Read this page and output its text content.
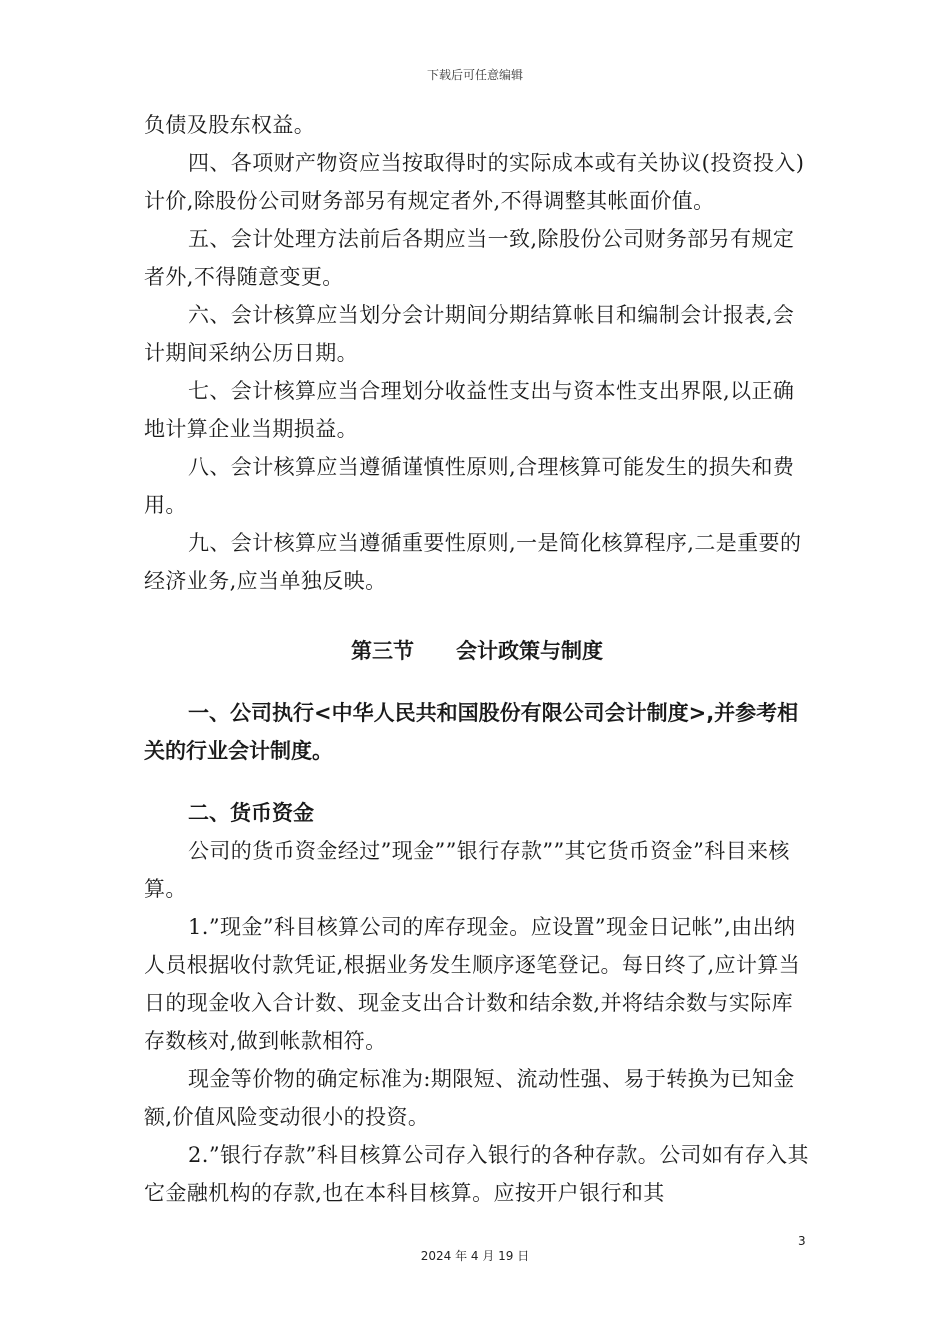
下载后可任意编辑

负债及股东权益。

四、各项财产物资应当按取得时的实际成本或有关协议(投资投入)计价,除股份公司财务部另有规定者外,不得调整其帐面价值。

五、会计处理方法前后各期应当一致,除股份公司财务部另有规定者外,不得随意变更。

六、会计核算应当划分会计期间分期结算帐目和编制会计报表,会计期间采纳公历日期。

七、会计核算应当合理划分收益性支出与资本性支出界限,以正确地计算企业当期损益。

八、会计核算应当遵循谨慎性原则,合理核算可能发生的损失和费用。

九、会计核算应当遵循重要性原则,一是简化核算程序,二是重要的经济业务,应当单独反映。

第三节　　会计政策与制度

一、公司执行<中华人民共和国股份有限公司会计制度>,并参考相关的行业会计制度。

二、货币资金

公司的货币资金经过”现金””银行存款””其它货币资金”科目来核算。

1.”现金”科目核算公司的库存现金。应设置”现金日记帐”,由出纳人员根据收付款凭证,根据业务发生顺序逐笔登记。每日终了,应计算当日的现金收入合计数、现金支出合计数和结余数,并将结余数与实际库存数核对,做到帐款相符。

现金等价物的确定标准为:期限短、流动性强、易于转换为已知金额,价值风险变动很小的投资。

2.”银行存款”科目核算公司存入银行的各种存款。公司如有存入其它金融机构的存款,也在本科目核算。应按开户银行和其

3
2024 年 4 月 19 日
